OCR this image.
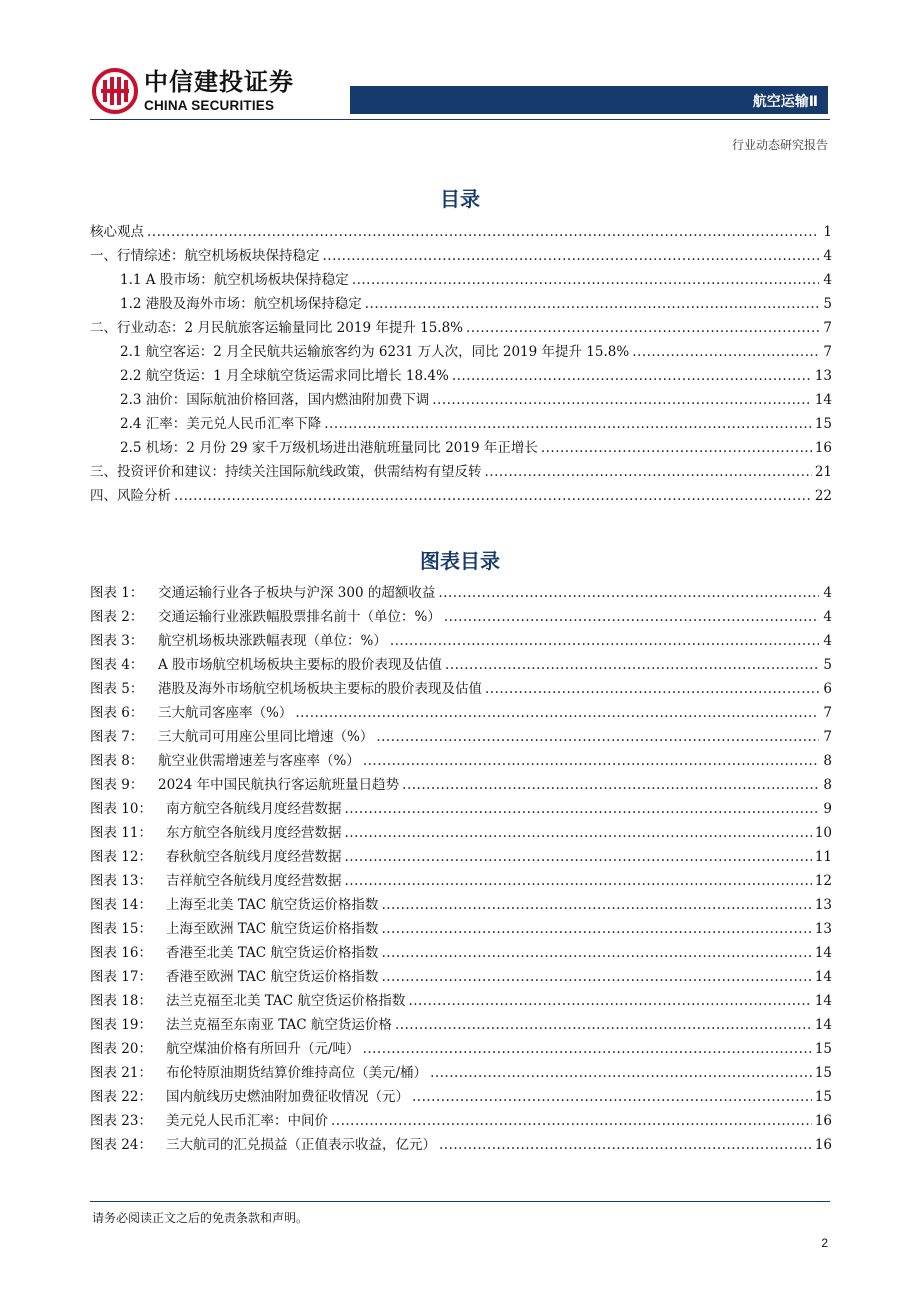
中信建投证券
CHINA SECURITIES	航空运输Ⅱ
行业动态研究报告
目录
核心观点 .....	1
一、行情综述：航空机场板块保持稳定 .....	4
1.1 A 股市场：航空机场板块保持稳定 .....	4
1.2 港股及海外市场：航空机场保持稳定 .....	5
二、行业动态：2 月民航旅客运输量同比 2019 年提升 15.8% .....	7
2.1 航空客运：2 月全民航共运输旅客约为 6231 万人次，同比 2019 年提升 15.8% .....	7
2.2 航空货运：1 月全球航空货运需求同比增长 18.4% .....	13
2.3 油价：国际航油价格回落，国内燃油附加费下调 .....	14
2.4 汇率：美元兑人民币汇率下降 .....	15
2.5 机场：2 月份 29 家千万级机场进出港航班量同比 2019 年正增长 .....	16
三、投资评价和建议：持续关注国际航线政策，供需结构有望反转 .....	21
四、风险分析 .....	22
图表目录
图表 1：	交通运输行业各子板块与沪深 300 的超额收益 .....	4
图表 2：	交通运输行业涨跌幅股票排名前十（单位：%） .....	4
图表 3：	航空机场板块涨跌幅表现（单位：%） .....	4
图表 4：	A 股市场航空机场板块主要标的股价表现及估值 .....	5
图表 5：	港股及海外市场航空机场板块主要标的股价表现及估值 .....	6
图表 6：	三大航司客座率（%） .....	7
图表 7：	三大航司可用座公里同比增速（%） .....	7
图表 8：	航空业供需增速差与客座率（%） .....	8
图表 9：	2024 年中国民航执行客运航班量日趋势 .....	8
图表 10：	南方航空各航线月度经营数据 .....	9
图表 11：	东方航空各航线月度经营数据 .....	10
图表 12：	春秋航空各航线月度经营数据 .....	11
图表 13：	吉祥航空各航线月度经营数据 .....	12
图表 14：	上海至北美 TAC 航空货运价格指数 .....	13
图表 15：	上海至欧洲 TAC 航空货运价格指数 .....	13
图表 16：	香港至北美 TAC 航空货运价格指数 .....	14
图表 17：	香港至欧洲 TAC 航空货运价格指数 .....	14
图表 18：	法兰克福至北美 TAC 航空货运价格指数 .....	14
图表 19：	法兰克福至东南亚 TAC 航空货运价格 .....	14
图表 20：	航空煤油价格有所回升（元/吨） .....	15
图表 21：	布伦特原油期货结算价维持高位（美元/桶） .....	15
图表 22：	国内航线历史燃油附加费征收情况（元） .....	15
图表 23：	美元兑人民币汇率：中间价 .....	16
图表 24：	三大航司的汇兑损益（正值表示收益，亿元） .....	16
请务必阅读正文之后的免责条款和声明。
2
